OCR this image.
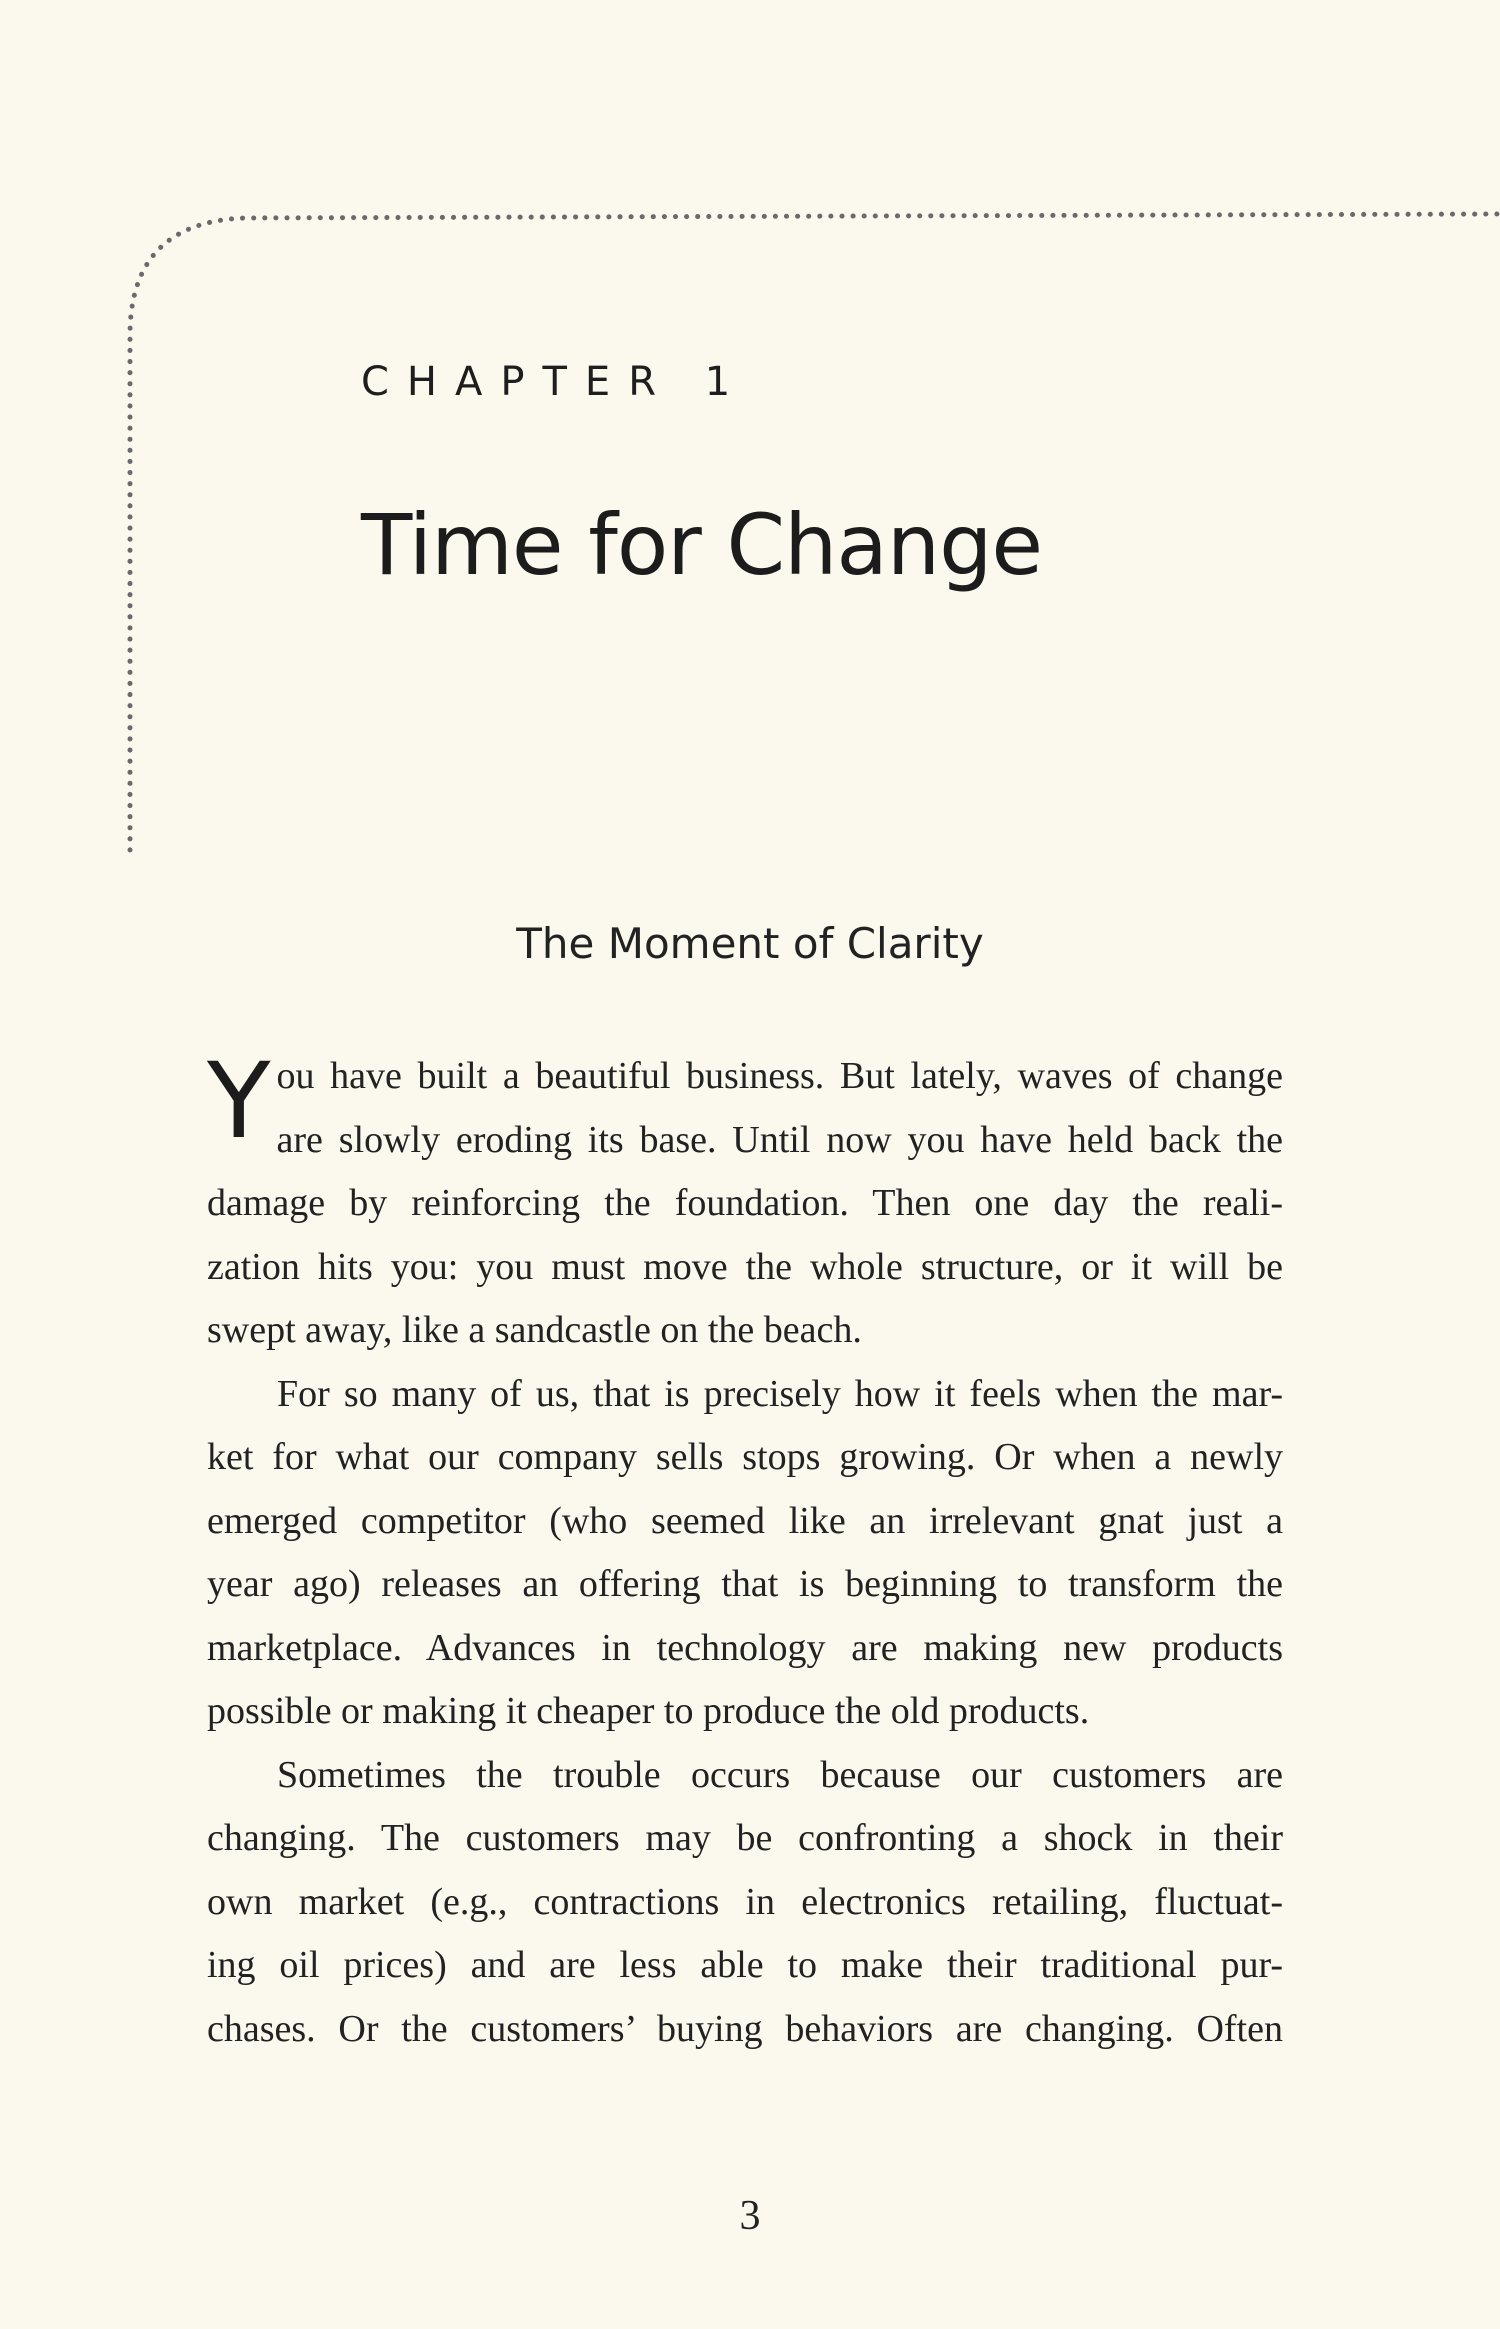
CHAPTER 1
Time for Change
The Moment of Clarity

Y ou have built a beautiful business. But lately, waves of change
are slowly eroding its base. Until now you have held back the
damage by reinforcing the foundation. Then one day the reali-
zation hits you: you must move the whole structure, or it will be
swept away, like a sandcastle on the beach.

For so many of us, that is precisely how it feels when the mar-
ket for what our company sells stops growing. Or when a newly
emerged competitor (who seemed like an irrelevant gnat just a
year ago) releases an offering that is beginning to transform the
marketplace. Advances in technology are making new products
possible or making it cheaper to produce the old products.

Sometimes the trouble occurs because our customers are
changing. The customers may be confronting a shock in their
own market (e.g., contractions in electronics retailing, fluctuat-
ing oil prices) and are less able to make their traditional pur-
chases. Or the customers’ buying behaviors are changing. Often

3
